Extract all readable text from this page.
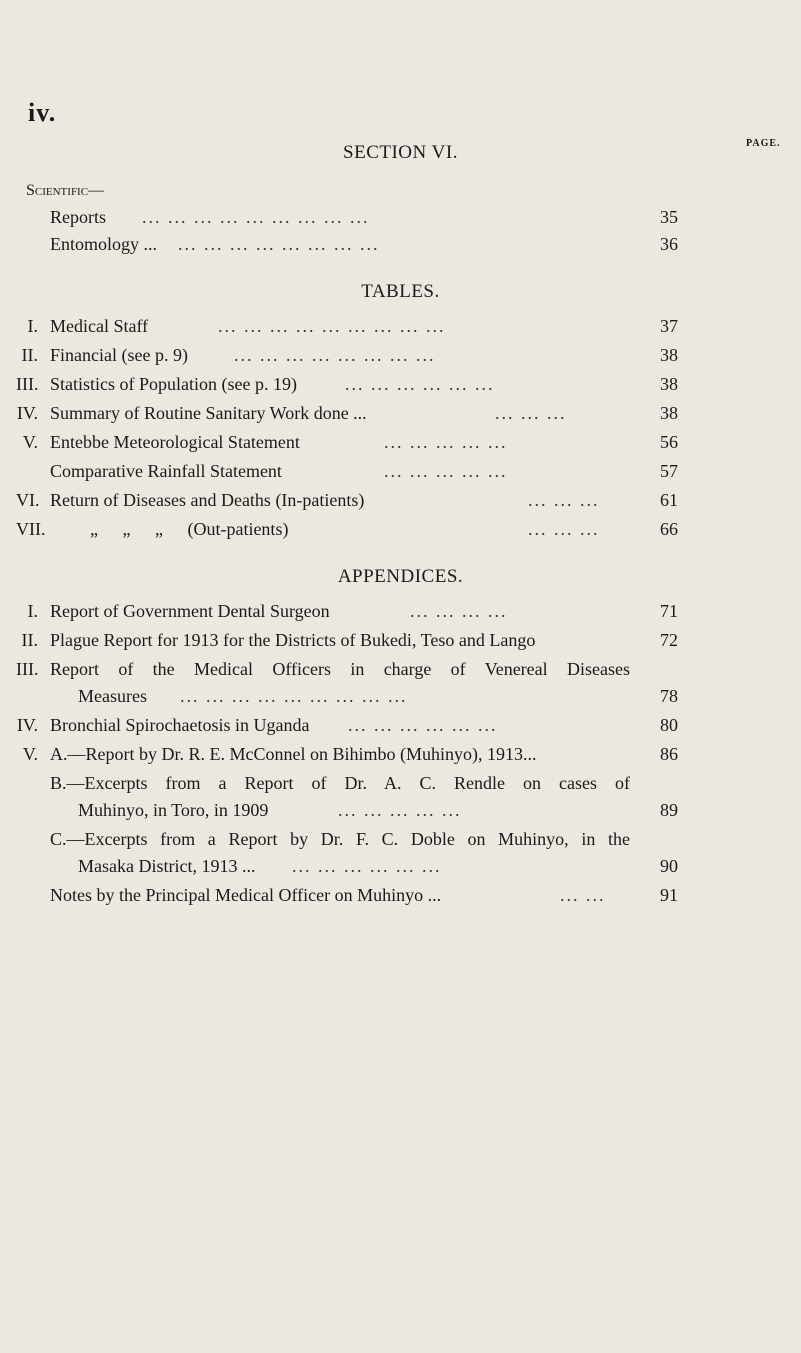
iv.
PAGE.
SECTION VI.
Scientific—
Reports ... ... ... ... ... ... ... ... ...	35
Entomology ... ... ... ... ... ... ... ... ...	36
TABLES.
I. Medical Staff	... ... ... ... ... ... ... ... ...	37
II. Financial (see p. 9)	... ... ... ... ... ... ... ...	38
III. Statistics of Population (see p. 19)	... ... ... ... ... ...	38
IV. Summary of Routine Sanitary Work done ...	... ... ...	38
V. Entebbe Meteorological Statement	... ... ... ... ...	56
Comparative Rainfall Statement	... ... ... ... ...	57
VI. Return of Diseases and Deaths (In-patients)	... ... ...	61
VII. „ „ „ (Out-patients)	... ... ...	66
APPENDICES.
I. Report of Government Dental Surgeon	... ... ... ...	71
II. Plague Report for 1913 for the Districts of Bukedi, Teso and Lango	72
III. Report of the Medical Officers in charge of Venereal Diseases
Measures ... ... ... ... ... ... ... ... ...	78
IV. Bronchial Spirochaetosis in Uganda ... ... ... ... ... ...	80
V. A.—Report by Dr. R. E. McConnel on Bihimbo (Muhinyo), 1913...	86
B.—Excerpts from a Report of Dr. A. C. Rendle on cases of
Muhinyo, in Toro, in 1909	... ... ... ... ...	89
C.—Excerpts from a Report by Dr. F. C. Doble on Muhinyo, in the
Masaka District, 1913 ... ... ... ... ... ... ...	90
Notes by the Principal Medical Officer on Muhinyo ...	... ...	91
